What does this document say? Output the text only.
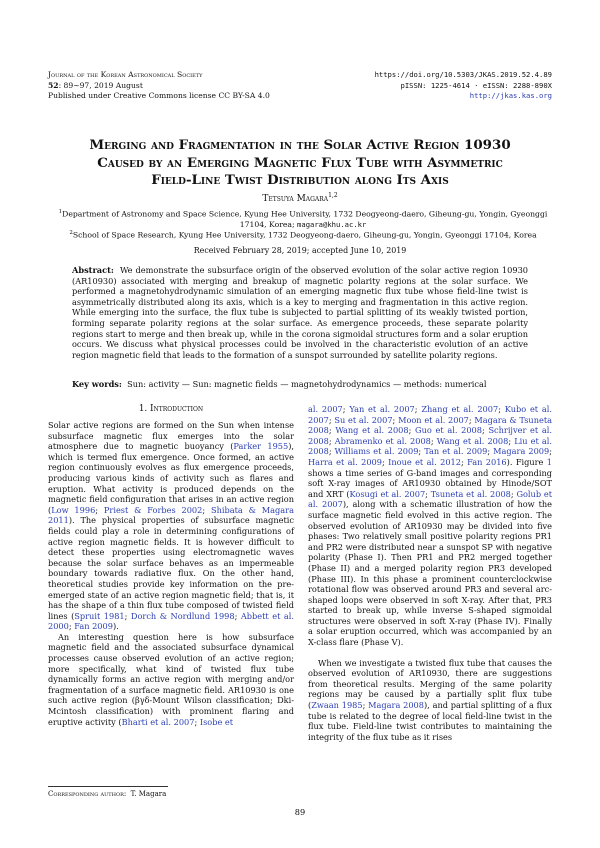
Journal of the Korean Astronomical Society
52: 89∼97, 2019 August
Published under Creative Commons license CC BY-SA 4.0
https://doi.org/10.5303/JKAS.2019.52.4.89
pISSN: 1225-4614 · eISSN: 2288-890X
http://jkas.kas.org
Merging and Fragmentation in the Solar Active Region 10930
Caused by an Emerging Magnetic Flux Tube with Asymmetric
Field-Line Twist Distribution along Its Axis
Tetsuya Magara$^{1,2}$
$^1$Department of Astronomy and Space Science, Kyung Hee University, 1732 Deogyeong-daero, Giheung-gu, Yongin, Gyeonggi 17104, Korea; magara@khu.ac.kr
$^2$School of Space Research, Kyung Hee University, 1732 Deogyeong-daero, Giheung-gu, Yongin, Gyeonggi 17104, Korea
Received February 28, 2019; accepted June 10, 2019
Abstract: We demonstrate the subsurface origin of the observed evolution of the solar active region 10930 (AR10930) associated with merging and breakup of magnetic polarity regions at the solar surface. We performed a magnetohydrodynamic simulation of an emerging magnetic flux tube whose field-line twist is asymmetrically distributed along its axis, which is a key to merging and fragmentation in this active region. While emerging into the surface, the flux tube is subjected to partial splitting of its weakly twisted portion, forming separate polarity regions at the solar surface. As emergence proceeds, these separate polarity regions start to merge and then break up, while in the corona sigmoidal structures form and a solar eruption occurs. We discuss what physical processes could be involved in the characteristic evolution of an active region magnetic field that leads to the formation of a sunspot surrounded by satellite polarity regions.
Key words: Sun: activity — Sun: magnetic fields — magnetohydrodynamics — methods: numerical
1. Introduction

Solar active regions are formed on the Sun when intense subsurface magnetic flux emerges into the solar atmosphere due to magnetic buoyancy (Parker 1955), which is termed flux emergence. Once formed, an active region continuously evolves as flux emergence proceeds, producing various kinds of activity such as flares and eruption. What activity is produced depends on the magnetic field configuration that arises in an active region (Low 1996; Priest & Forbes 2002; Shibata & Magara 2011). The physical properties of subsurface magnetic fields could play a role in determining configurations of active region magnetic fields. It is however difficult to detect these properties using electromagnetic waves because the solar surface behaves as an impermeable boundary towards radiative flux. On the other hand, theoretical studies provide key information on the pre-emerged state of an active region magnetic field; that is, it has the shape of a thin flux tube composed of twisted field lines (Spruit 1981; Dorch & Nordlund 1998; Abbett et al. 2000; Fan 2009).

An interesting question here is how subsurface magnetic field and the associated subsurface dynamical processes cause observed evolution of an active region; more specifically, what kind of twisted flux tube dynamically forms an active region with merging and/or fragmentation of a surface magnetic field. AR10930 is one such active region (βγδ-Mount Wilson classification; Dki-Mcintosh classification) with prominent flaring and eruptive activity (Bharti et al. 2007; Isobe et

al. 2007; Yan et al. 2007; Zhang et al. 2007; Kubo et al. 2007; Su et al. 2007; Moon et al. 2007; Magara & Tsuneta 2008; Wang et al. 2008; Guo et al. 2008; Schrijver et al. 2008; Abramenko et al. 2008; Wang et al. 2008; Liu et al. 2008; Williams et al. 2009; Tan et al. 2009; Magara 2009; Harra et al. 2009; Inoue et al. 2012; Fan 2016). Figure 1 shows a time series of G-band images and corresponding soft X-ray images of AR10930 obtained by Hinode/SOT and XRT (Kosugi et al. 2007; Tsuneta et al. 2008; Golub et al. 2007), along with a schematic illustration of how the surface magnetic field evolved in this active region. The observed evolution of AR10930 may be divided into five phases: Two relatively small positive polarity regions PR1 and PR2 were distributed near a sunspot SP with negative polarity (Phase I). Then PR1 and PR2 merged together (Phase II) and a merged polarity region PR3 developed (Phase III). In this phase a prominent counterclockwise rotational flow was observed around PR3 and several arc-shaped loops were observed in soft X-ray. After that, PR3 started to break up, while inverse S-shaped sigmoidal structures were observed in soft X-ray (Phase IV). Finally a solar eruption occurred, which was accompanied by an X-class flare (Phase V).

When we investigate a twisted flux tube that causes the observed evolution of AR10930, there are suggestions from theoretical results. Merging of the same polarity regions may be caused by a partially split flux tube (Zwaan 1985; Magara 2008), and partial splitting of a flux tube is related to the degree of local field-line twist in the flux tube. Field-line twist contributes to maintaining the integrity of the flux tube as it rises

Corresponding author: T. Magara
89
